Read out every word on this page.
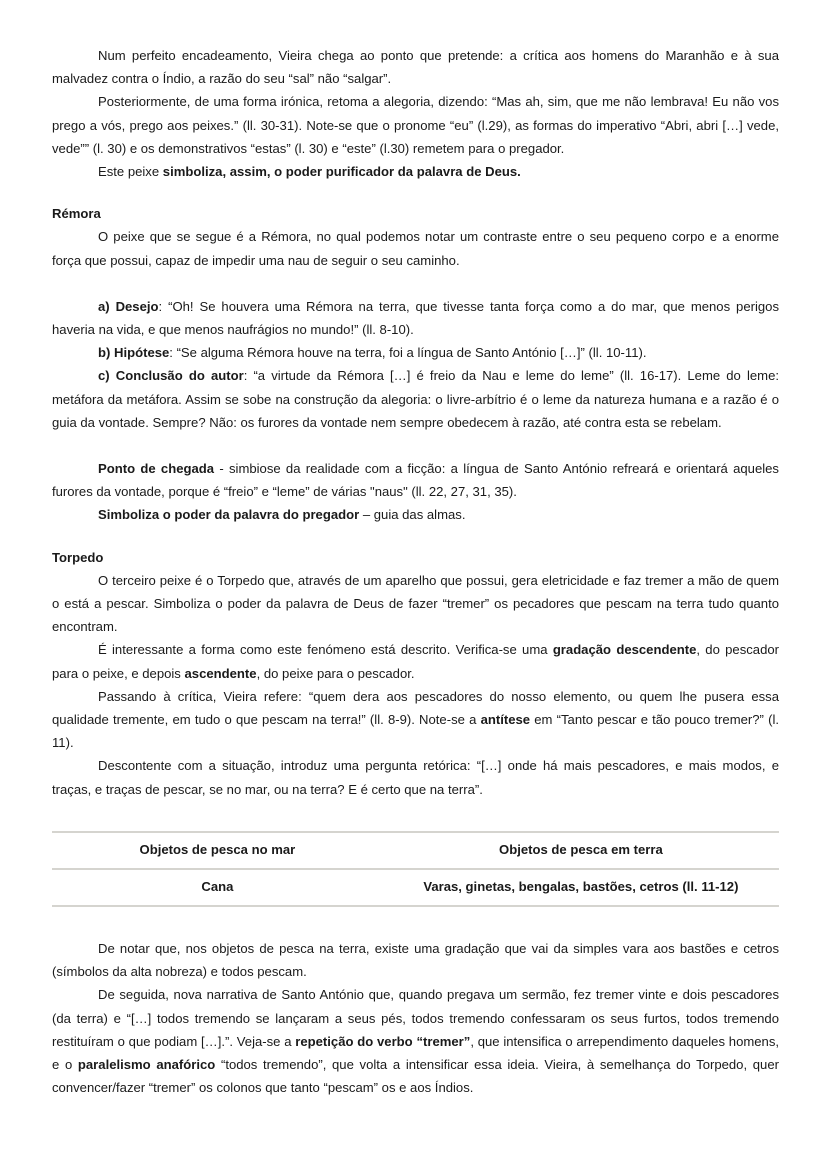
Num perfeito encadeamento, Vieira chega ao ponto que pretende: a crítica aos homens do Maranhão e à sua malvadez contra o Índio, a razão do seu “sal” não “salgar”.

Posteriormente, de uma forma irónica, retoma a alegoria, dizendo: “Mas ah, sim, que me não lembrava! Eu não vos prego a vós, prego aos peixes.” (ll. 30-31). Note-se que o pronome “eu” (l.29), as formas do imperativo “Abri, abri […] vede, vede”” (l. 30) e os demonstrativos “estas” (l. 30) e “este” (l.30) remetem para o pregador.

Este peixe simboliza, assim, o poder purificador da palavra de Deus.

Rémora

O peixe que se segue é a Rémora, no qual podemos notar um contraste entre o seu pequeno corpo e a enorme força que possui, capaz de impedir uma nau de seguir o seu caminho.

a) Desejo: “Oh! Se houvera uma Rémora na terra, que tivesse tanta força como a do mar, que menos perigos haveria na vida, e que menos naufrágios no mundo!” (ll. 8-10).

b) Hipótese: “Se alguma Rémora houve na terra, foi a língua de Santo António […]” (ll. 10-11).

c) Conclusão do autor: “a virtude da Rémora […] é freio da Nau e leme do leme” (ll. 16-17). Leme do leme: metáfora da metáfora. Assim se sobe na construção da alegoria: o livre-arbítrio é o leme da natureza humana e a razão é o guia da vontade. Sempre? Não: os furores da vontade nem sempre obedecem à razão, até contra esta se rebelam.

Ponto de chegada - simbiose da realidade com a ficção: a língua de Santo António refreará e orientará aqueles furores da vontade, porque é “freio” e “leme” de várias "naus" (ll. 22, 27, 31, 35).

Simboliza o poder da palavra do pregador – guia das almas.

Torpedo

O terceiro peixe é o Torpedo que, através de um aparelho que possui, gera eletricidade e faz tremer a mão de quem o está a pescar. Simboliza o poder da palavra de Deus de fazer “tremer” os pecadores que pescam na terra tudo quanto encontram.

É interessante a forma como este fenómeno está descrito. Verifica-se uma gradação descendente, do pescador para o peixe, e depois ascendente, do peixe para o pescador.

Passando à crítica, Vieira refere: “quem dera aos pescadores do nosso elemento, ou quem lhe pusera essa qualidade tremente, em tudo o que pescam na terra!” (ll. 8-9). Note-se a antítese em “Tanto pescar e tão pouco tremer?” (l. 11).

Descontente com a situação, introduz uma pergunta retórica: “[…] onde há mais pescadores, e mais modos, e traças, e traças de pescar, se no mar, ou na terra? E é certo que na terra”.

Objetos de pesca no mar	Objetos de pesca em terra
Cana	Varas, ginetas, bengalas, bastões, cetros (ll. 11-12)

De notar que, nos objetos de pesca na terra, existe uma gradação que vai da simples vara aos bastões e cetros (símbolos da alta nobreza) e todos pescam.

De seguida, nova narrativa de Santo António que, quando pregava um sermão, fez tremer vinte e dois pescadores (da terra) e “[…] todos tremendo se lançaram a seus pés, todos tremendo confessaram os seus furtos, todos tremendo restituíram o que podiam […].”. Veja-se a repetição do verbo “tremer”, que intensifica o arrependimento daqueles homens, e o paralelismo anafórico “todos tremendo”, que volta a intensificar essa ideia. Vieira, à semelhança do Torpedo, quer convencer/fazer “tremer” os colonos que tanto “pescam” os e aos Índios.
